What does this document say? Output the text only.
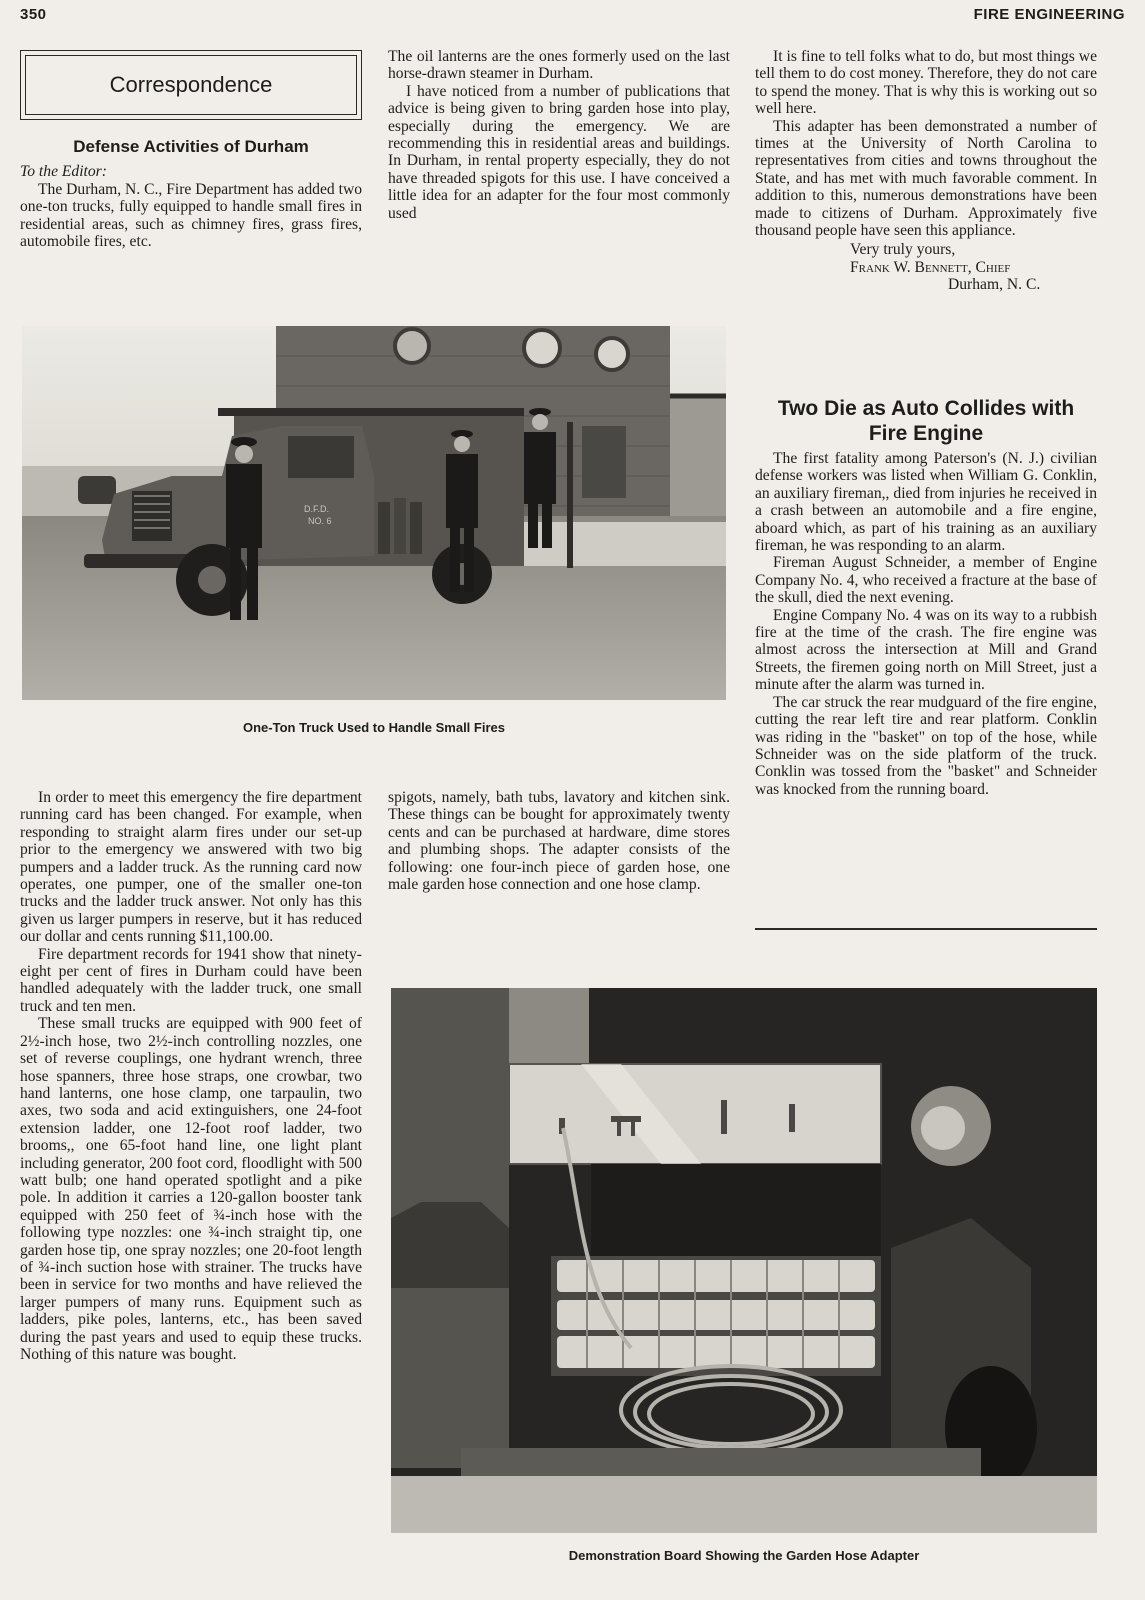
350	FIRE ENGINEERING
Correspondence
Defense Activities of Durham

To the Editor:

The Durham, N. C., Fire Department has added two one-ton trucks, fully equipped to handle small fires in residential areas, such as chimney fires, grass fires, automobile fires, etc.

The oil lanterns are the ones formerly used on the last horse-drawn steamer in Durham.

I have noticed from a number of publications that advice is being given to bring garden hose into play, especially during the emergency. We are recommending this in residential areas and buildings. In Durham, in rental property especially, they do not have threaded spigots for this use. I have conceived a little idea for an adapter for the four most commonly used

It is fine to tell folks what to do, but most things we tell them to do cost money. Therefore, they do not care to spend the money. That is why this is working out so well here.

This adapter has been demonstrated a number of times at the University of North Carolina to representatives from cities and towns throughout the State, and has met with much favorable comment. In addition to this, numerous demonstrations have been made to citizens of Durham. Approximately five thousand people have seen this appliance.

Very truly yours,
Frank W. Bennett, Chief
Durham, N. C.
Two Die as Auto Collides with
Fire Engine

The first fatality among Paterson's (N. J.) civilian defense workers was listed when William G. Conklin, an auxiliary fireman,, died from injuries he received in a crash between an automobile and a fire engine, aboard which, as part of his training as an auxiliary fireman, he was responding to an alarm.

Fireman August Schneider, a member of Engine Company No. 4, who received a fracture at the base of the skull, died the next evening.

Engine Company No. 4 was on its way to a rubbish fire at the time of the crash. The fire engine was almost across the intersection at Mill and Grand Streets, the firemen going north on Mill Street, just a minute after the alarm was turned in.

The car struck the rear mudguard of the fire engine, cutting the rear left tire and rear platform. Conklin was riding in the "basket" on top of the hose, while Schneider was on the side platform of the truck. Conklin was tossed from the "basket" and Schneider was knocked from the running board.

D.F.D.
NO. 6
One-Ton Truck Used to Handle Small Fires

In order to meet this emergency the fire department running card has been changed. For example, when responding to straight alarm fires under our set-up prior to the emergency we answered with two big pumpers and a ladder truck. As the running card now operates, one pumper, one of the smaller one-ton trucks and the ladder truck answer. Not only has this given us larger pumpers in reserve, but it has reduced our dollar and cents running $11,100.00.

Fire department records for 1941 show that ninety-eight per cent of fires in Durham could have been handled adequately with the ladder truck, one small truck and ten men.

These small trucks are equipped with 900 feet of 2½-inch hose, two 2½-inch controlling nozzles, one set of reverse couplings, one hydrant wrench, three hose spanners, three hose straps, one crowbar, two hand lanterns, one hose clamp, one tarpaulin, two axes, two soda and acid extinguishers, one 24-foot extension ladder, one 12-foot roof ladder, two brooms,, one 65-foot hand line, one light plant including generator, 200 foot cord, floodlight with 500 watt bulb; one hand operated spotlight and a pike pole. In addition it carries a 120-gallon booster tank equipped with 250 feet of ¾-inch hose with the following type nozzles: one ¾-inch straight tip, one garden hose tip, one spray nozzles; one 20-foot length of ¾-inch suction hose with strainer. The trucks have been in service for two months and have relieved the larger pumpers of many runs. Equipment such as ladders, pike poles, lanterns, etc., has been saved during the past years and used to equip these trucks. Nothing of this nature was bought.

spigots, namely, bath tubs, lavatory and kitchen sink. These things can be bought for approximately twenty cents and can be purchased at hardware, dime stores and plumbing shops. The adapter consists of the following: one four-inch piece of garden hose, one male garden hose connection and one hose clamp.

Demonstration Board Showing the Garden Hose Adapter
